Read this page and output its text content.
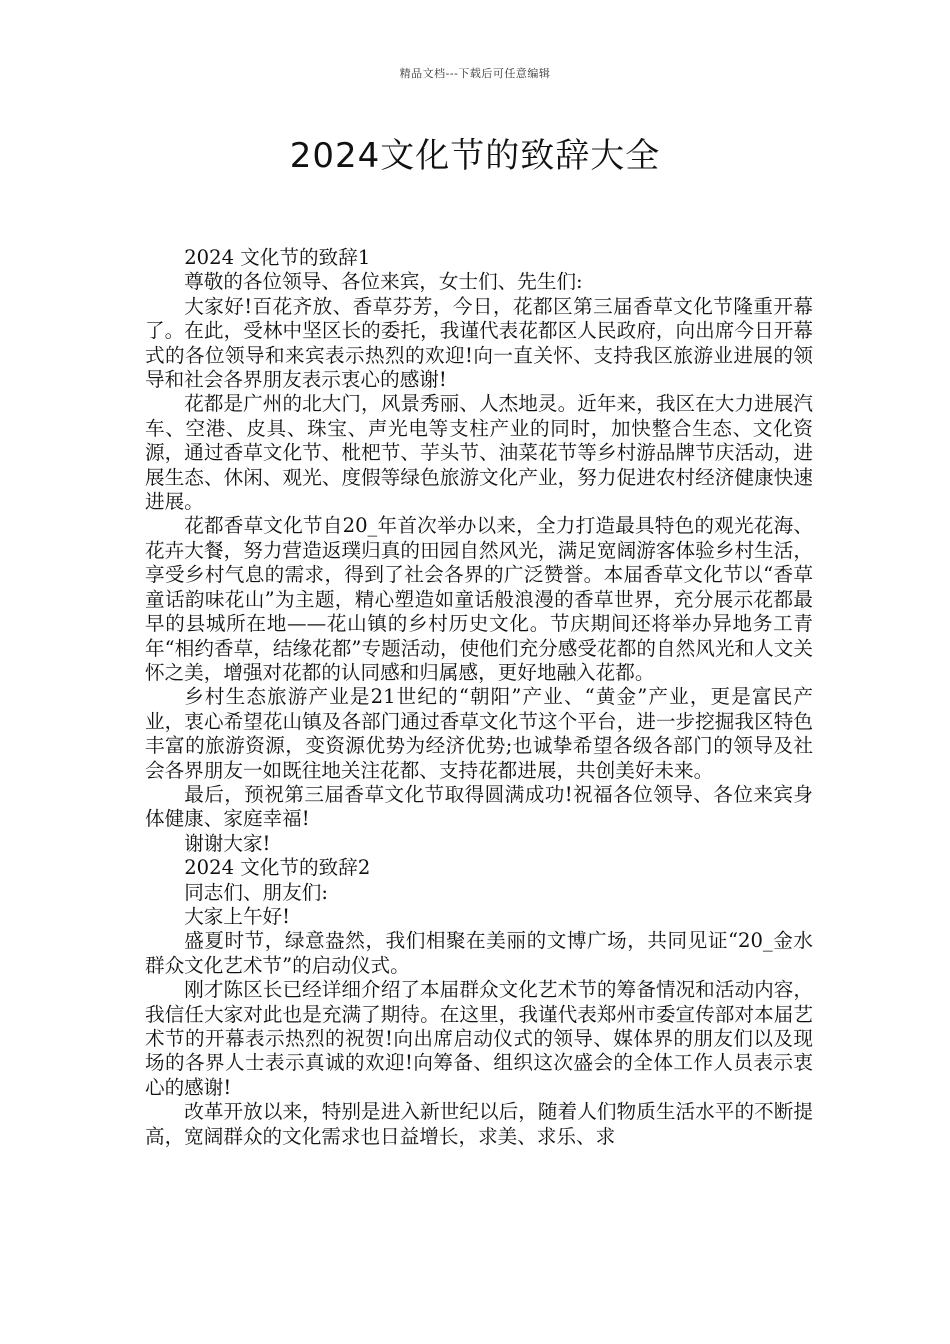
精品文档---下载后可任意编辑
2024文化节的致辞大全

2024 文化节的致辞1

尊敬的各位领导、各位来宾，女士们、先生们:

大家好!百花齐放、香草芬芳，今日，花都区第三届香草文化节隆重开幕了。在此，受林中坚区长的委托，我谨代表花都区人民政府，向出席今日开幕式的各位领导和来宾表示热烈的欢迎!向一直关怀、支持我区旅游业进展的领导和社会各界朋友表示衷心的感谢!

花都是广州的北大门，风景秀丽、人杰地灵。近年来，我区在大力进展汽车、空港、皮具、珠宝、声光电等支柱产业的同时，加快整合生态、文化资源，通过香草文化节、枇杷节、芋头节、油菜花节等乡村游品牌节庆活动，进展生态、休闲、观光、度假等绿色旅游文化产业，努力促进农村经济健康快速进展。

花都香草文化节自20_年首次举办以来，全力打造最具特色的观光花海、花卉大餐，努力营造返璞归真的田园自然风光，满足宽阔游客体验乡村生活，享受乡村气息的需求，得到了社会各界的广泛赞誉。本届香草文化节以“香草童话韵味花山”为主题，精心塑造如童话般浪漫的香草世界，充分展示花都最早的县城所在地——花山镇的乡村历史文化。节庆期间还将举办异地务工青年“相约香草，结缘花都”专题活动，使他们充分感受花都的自然风光和人文关怀之美，增强对花都的认同感和归属感，更好地融入花都。

乡村生态旅游产业是21世纪的“朝阳”产业、“黄金”产业，更是富民产业，衷心希望花山镇及各部门通过香草文化节这个平台，进一步挖掘我区特色丰富的旅游资源，变资源优势为经济优势;也诚挚希望各级各部门的领导及社会各界朋友一如既往地关注花都、支持花都进展，共创美好未来。

最后，预祝第三届香草文化节取得圆满成功!祝福各位领导、各位来宾身体健康、家庭幸福!

谢谢大家!

2024 文化节的致辞2

同志们、朋友们:

大家上午好!

盛夏时节，绿意盎然，我们相聚在美丽的文博广场，共同见证“20_金水群众文化艺术节”的启动仪式。

刚才陈区长已经详细介绍了本届群众文化艺术节的筹备情况和活动内容，我信任大家对此也是充满了期待。在这里，我谨代表郑州市委宣传部对本届艺术节的开幕表示热烈的祝贺!向出席启动仪式的领导、媒体界的朋友们以及现场的各界人士表示真诚的欢迎!向筹备、组织这次盛会的全体工作人员表示衷心的感谢!

改革开放以来，特别是进入新世纪以后，随着人们物质生活水平的不断提高，宽阔群众的文化需求也日益增长，求美、求乐、求
